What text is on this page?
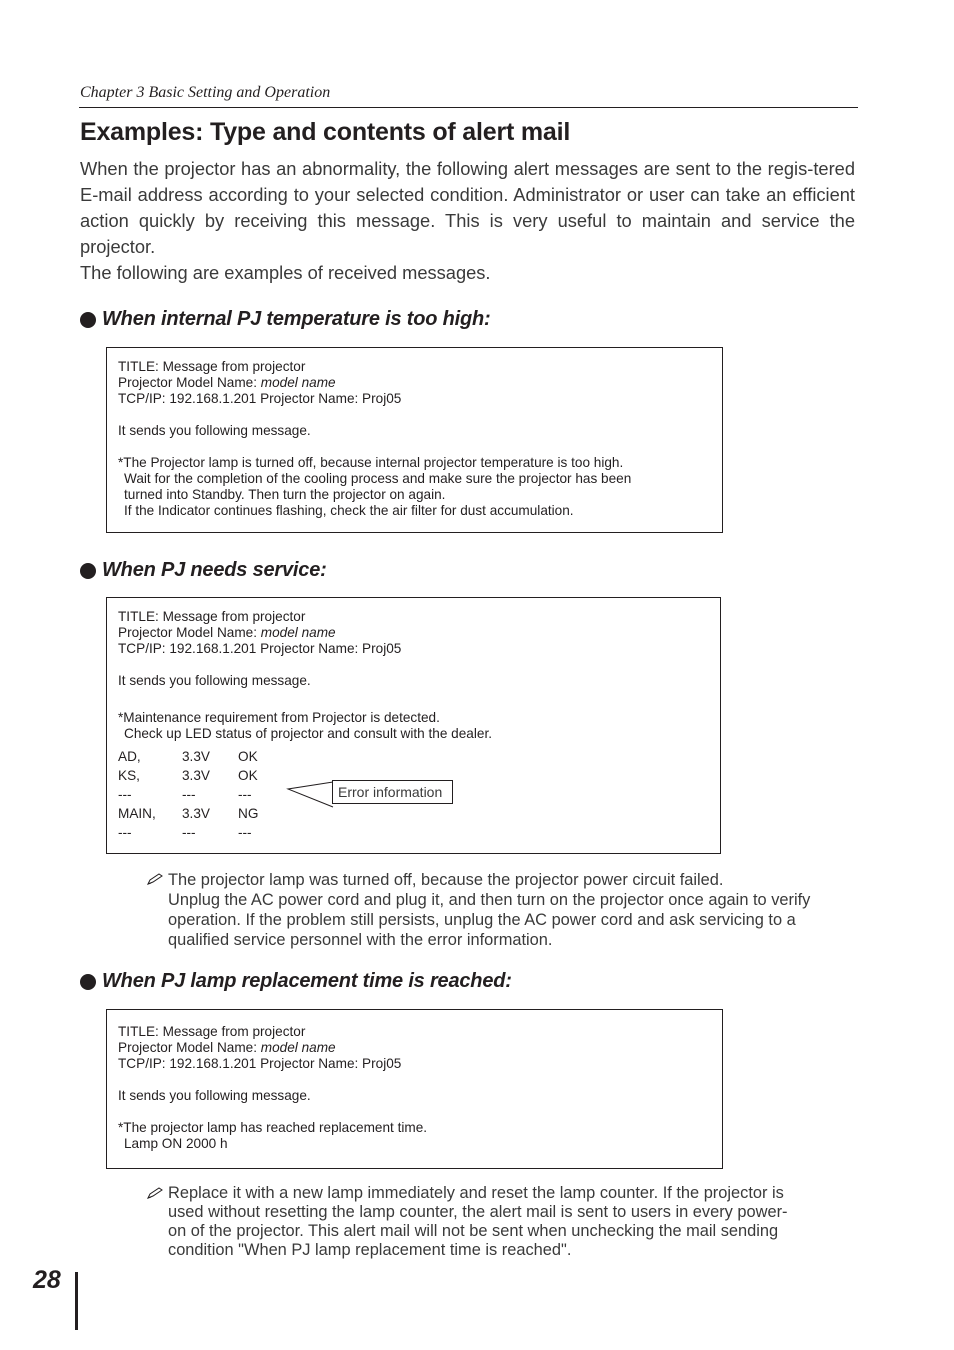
Chapter 3 Basic Setting and Operation
Examples: Type and contents of alert mail

When the projector has an abnormality, the following alert messages are sent to the regis-tered E-mail address according to your selected condition. Administrator or user can take an efficient action quickly by receiving this message. This is very useful to maintain and service the projector.

The following are examples of received messages.

When internal PJ temperature is too high:
TITLE: Message from projector
Projector Model Name: model name
TCP/IP: 192.168.1.201 Projector Name: Proj05
It sends you following message.
*The Projector lamp is turned off, because internal projector temperature is too high.
Wait for the completion of the cooling process and make sure the projector has been
turned into Standby. Then turn the projector on again.
If the Indicator continues flashing, check the air filter for dust accumulation.
When PJ needs service:
TITLE: Message from projector
Projector Model Name: model name
TCP/IP: 192.168.1.201 Projector Name: Proj05
It sends you following message.
*Maintenance requirement from Projector is detected.
Check up LED status of projector and consult with the dealer.
AD,	3.3V	OK
KS,	3.3V	OK
---	---	---
MAIN,	3.3V	NG
---	---	---
Error information
The projector lamp was turned off, because the projector power circuit failed.
Unplug the AC power cord and plug it, and then turn on the projector once again to verify
operation. If the problem still persists, unplug the AC power cord and ask servicing to a
qualified service personnel with the error information.
When PJ lamp replacement time is reached:
TITLE: Message from projector
Projector Model Name: model name
TCP/IP: 192.168.1.201 Projector Name: Proj05
It sends you following message.
*The projector lamp has reached replacement time.
Lamp ON 2000 h
Replace it with a new lamp immediately and reset the lamp counter. If the projector is
used without resetting the lamp counter, the alert mail is sent to users in every power-
on of the projector. This alert mail will not be sent when unchecking the mail sending
condition "When PJ lamp replacement time is reached".
28
